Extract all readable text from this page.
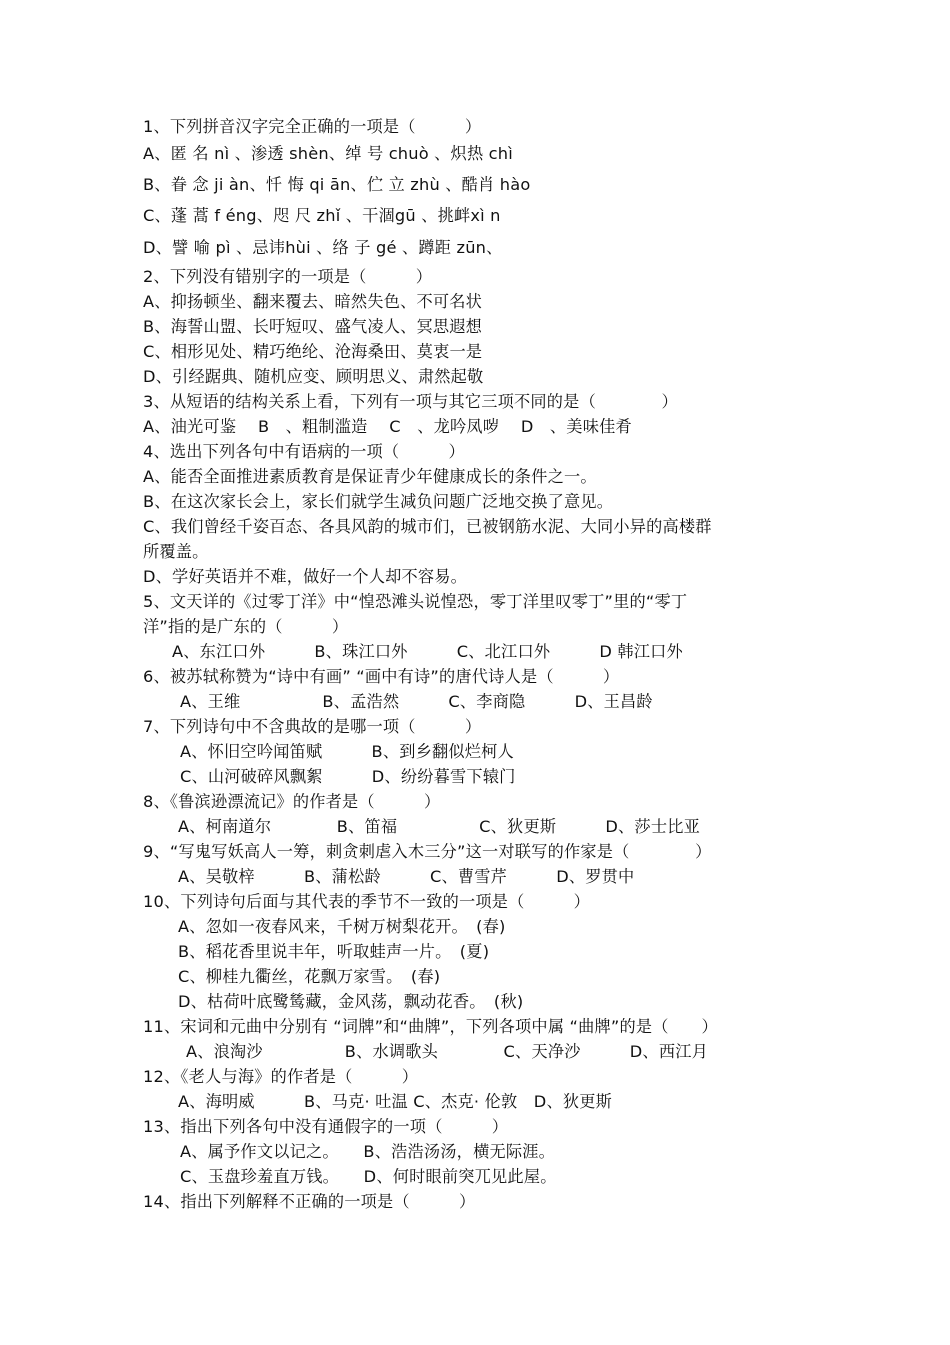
1、下列拼音汉字完全正确的一项是（　　　）
A、匿 名 nì 、渗透 shèn、绰 号 chuò 、炽热 chì
B、眷 念 ji àn、忏 悔 qi ān、伫 立 zhù 、酷肖 hào
C、蓬 蒿 f éng、咫 尺 zhǐ 、干涸gū 、挑衅xì n
D、譬 喻 pì 、忌讳hùi 、络 子 gé 、蹲距 zūn、
2、下列没有错别字的一项是（　　　）
A、抑扬顿坐、翻来覆去、暗然失色、不可名状
B、海誓山盟、长吁短叹、盛气凌人、冥思遐想
C、相形见处、精巧绝纶、沧海桑田、莫衷一是
D、引经踞典、随机应变、顾明思义、肃然起敬
3、从短语的结构关系上看，下列有一项与其它三项不同的是（　　　　）
A、油光可鉴　 B　、粗制滥造　 C　、龙吟凤哕　 D　、美味佳肴
4、选出下列各句中有语病的一项（　　　）
A、能否全面推进素质教育是保证青少年健康成长的条件之一。
B、在这次家长会上，家长们就学生减负问题广泛地交换了意见。
C、我们曾经千姿百态、各具风韵的城市们，已被钢筋水泥、大同小异的高楼群
所覆盖。
D、学好英语并不难，做好一个人却不容易。
5、文天详的《过零丁洋》中“惶恐滩头说惶恐，零丁洋里叹零丁”里的“零丁
洋”指的是广东的（　　　）
A、东江口外　　　B、珠江口外　　　C、北江口外　　　D 韩江口外
6、被苏轼称赞为“诗中有画” “画中有诗”的唐代诗人是（　　　）
A、王维　　　　　B、孟浩然　　　C、李商隐　　　D、王昌龄
7、下列诗句中不含典故的是哪一项（　　　）
A、怀旧空吟闻笛赋　　　B、到乡翻似烂柯人
C、山河破碎风飘絮　　　D、纷纷暮雪下辕门
8、《鲁滨逊漂流记》的作者是（　　　）
A、柯南道尔　　　　B、笛福　　　　　C、狄更斯　　　D、莎士比亚
9、“写鬼写妖高人一筹，刺贪刺虐入木三分”这一对联写的作家是（　　　　）
A、吴敬梓　　　B、蒲松龄　　　C、曹雪芹　　　D、罗贯中
10、下列诗句后面与其代表的季节不一致的一项是（　　　）
A、忽如一夜春风来，千树万树梨花开。　(春)
B、稻花香里说丰年，听取蛙声一片。　(夏)
C、柳桂九衢丝，花飘万家雪。　(春)
D、枯荷叶底鹭鸶藏，金风荡，飘动花香。　(秋)
11、宋词和元曲中分别有 “词牌”和“曲牌”，下列各项中属 “曲牌”的是（　　）
A、浪淘沙　　　　　B、水调歌头　　　　C、天净沙　　　D、西江月
12、《老人与海》的作者是（　　　）
A、海明威　　　B、马克· 吐温 C、杰克· 伦敦　D、狄更斯
13、指出下列各句中没有通假字的一项（　　　）
A、属予作文以记之。　　B、浩浩汤汤，横无际涯。
C、玉盘珍羞直万钱。　　D、何时眼前突兀见此屋。
14、指出下列解释不正确的一项是（　　　）
